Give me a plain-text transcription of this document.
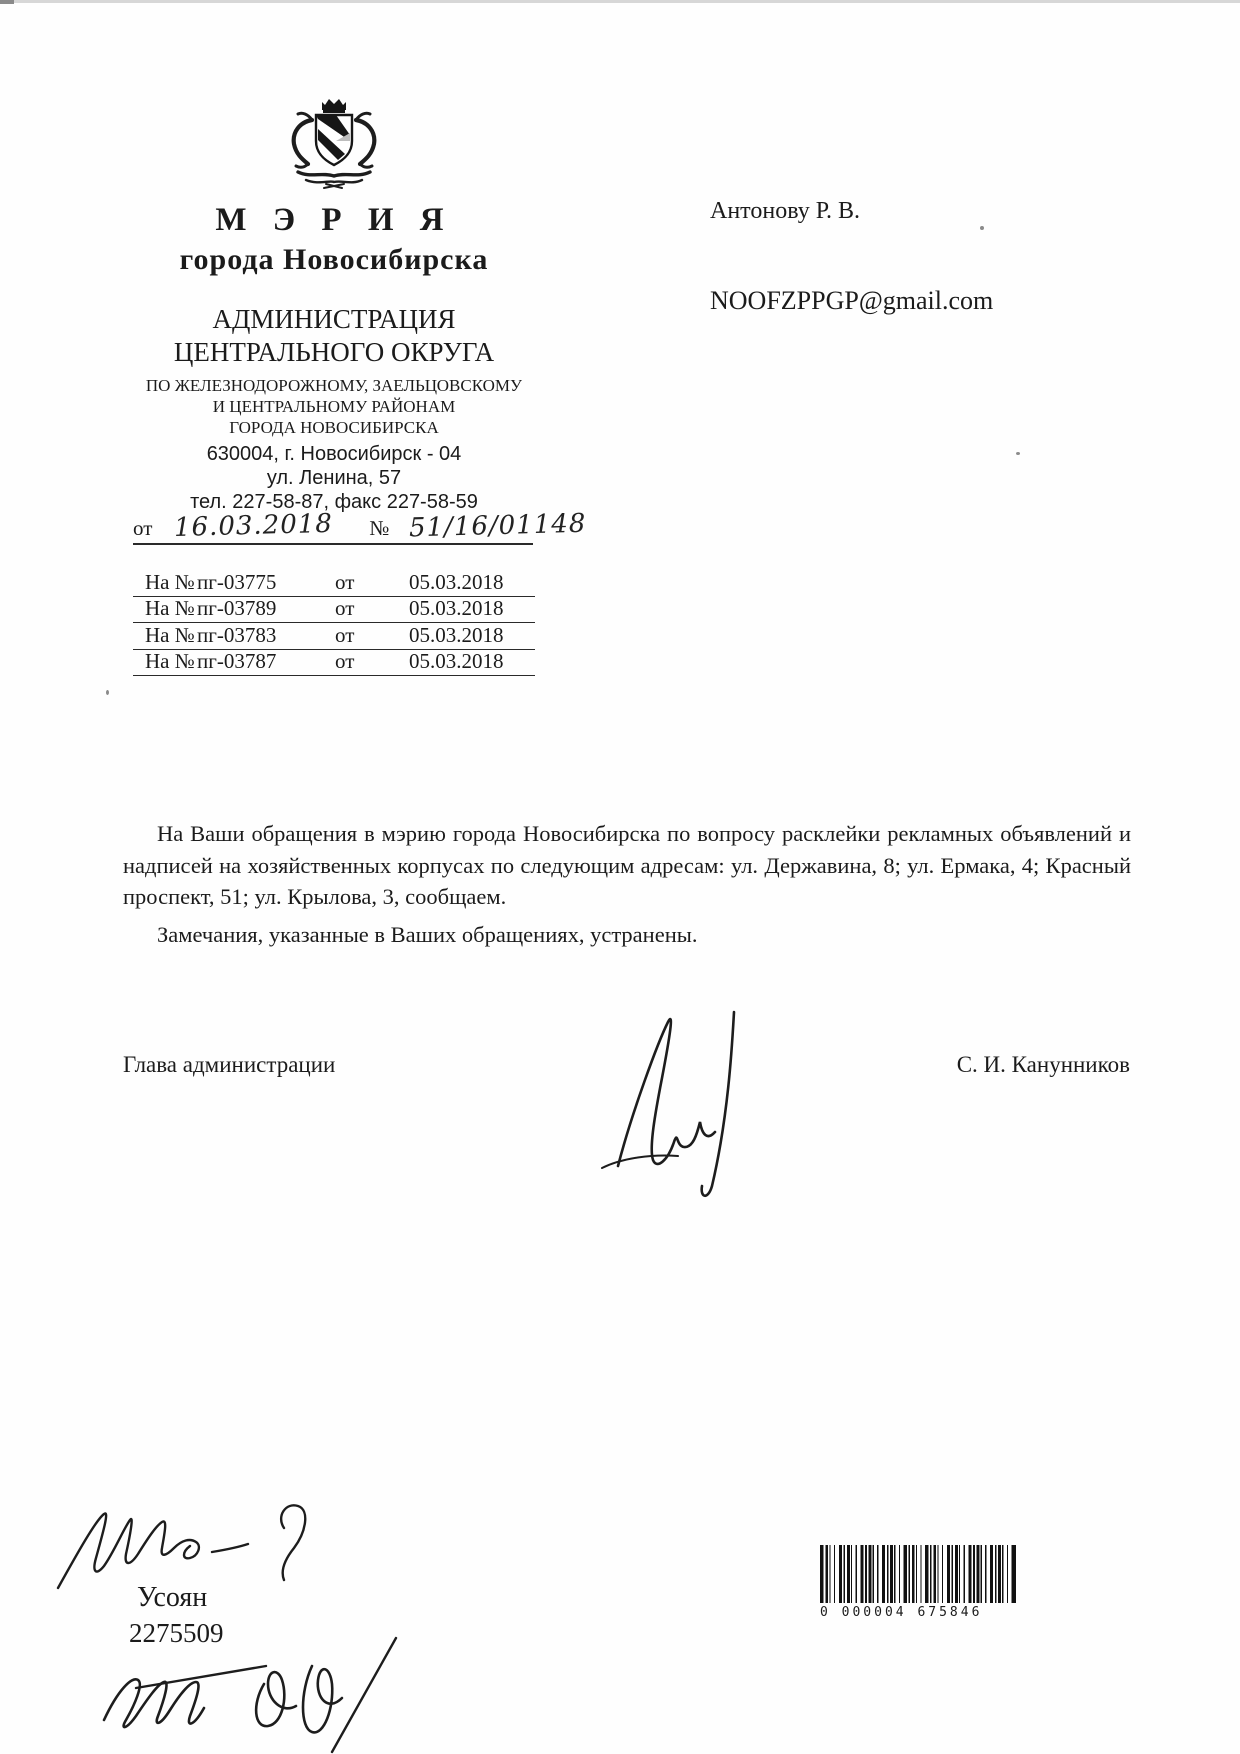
М Э Р И Я
города Новосибирска
АДМИНИСТРАЦИЯ
ЦЕНТРАЛЬНОГО ОКРУГА
ПО ЖЕЛЕЗНОДОРОЖНОМУ, ЗАЕЛЬЦОВСКОМУ
И ЦЕНТРАЛЬНОМУ РАЙОНАМ
ГОРОДА НОВОСИБИРСКА
630004, г. Новосибирск - 04
ул. Ленина, 57
тел. 227-58-87, факс 227-58-59
Антонову Р. В.
NOOFZPPGP@gmail.com
от 16.03.2018 № 51/16/01148
На № пг-03775	от	05.03.2018
На № пг-03789	от	05.03.2018
На № пг-03783	от	05.03.2018
На № пг-03787	от	05.03.2018

На Ваши обращения в мэрию города Новосибирска по вопросу расклейки рекламных объявлений и надписей на хозяйственных корпусах по следующим адресам: ул. Державина, 8; ул. Ермака, 4; Красный проспект, 51; ул. Крылова, 3, сообщаем.

Замечания, указанные в Ваших обращениях, устранены.

Глава администрации	С. И. Канунников
Усоян
2275509
0 000004 675846
